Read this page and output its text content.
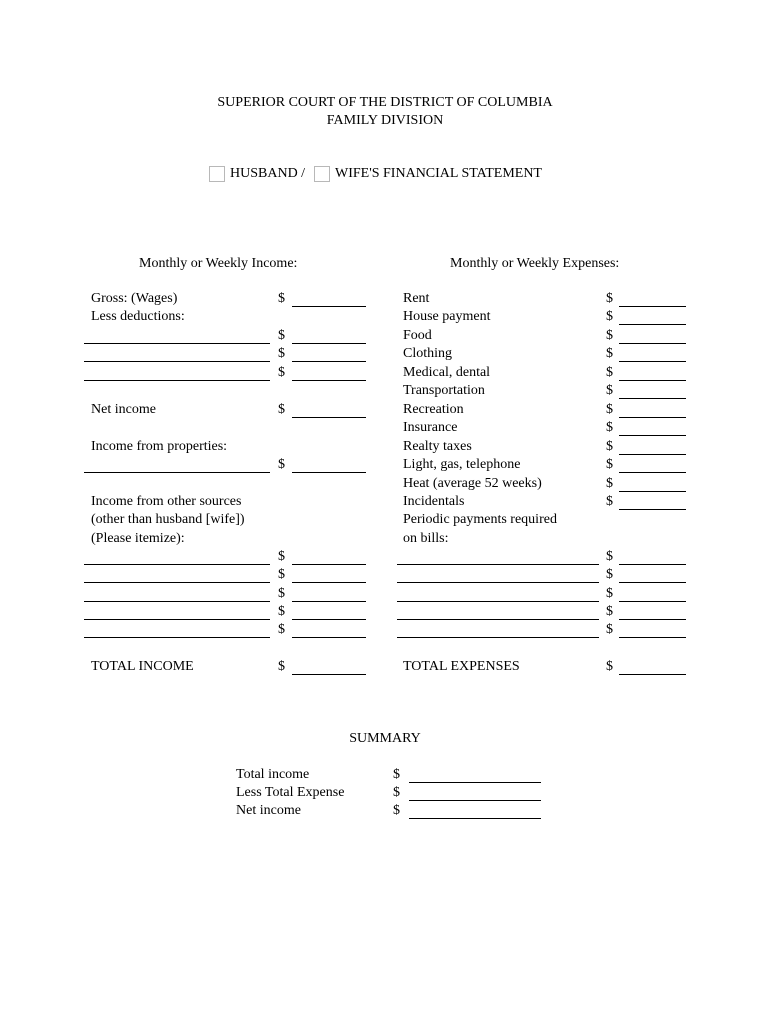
SUPERIOR COURT OF THE DISTRICT OF COLUMBIA
FAMILY DIVISION
HUSBAND / WIFE'S FINANCIAL STATEMENT
Monthly or Weekly Income:	Monthly or Weekly Expenses:
Gross: (Wages)
Less deductions:
Net income
Income from properties:
Income from other sources
(other than husband [wife])
(Please itemize):
TOTAL INCOME
Rent
House payment
Food
Clothing
Medical, dental
Transportation
Recreation
Insurance
Realty taxes
Light, gas, telephone
Heat (average 52 weeks)
Incidentals
Periodic payments required
on bills:
TOTAL EXPENSES
SUMMARY
Total income
Less Total Expense
Net income
$
$
$
$
$
$
$
$
$
$
$
$
$
$
$
$
$
$
$
$
$
$
$
$
$
$
$
$
$
$
$
$
$
